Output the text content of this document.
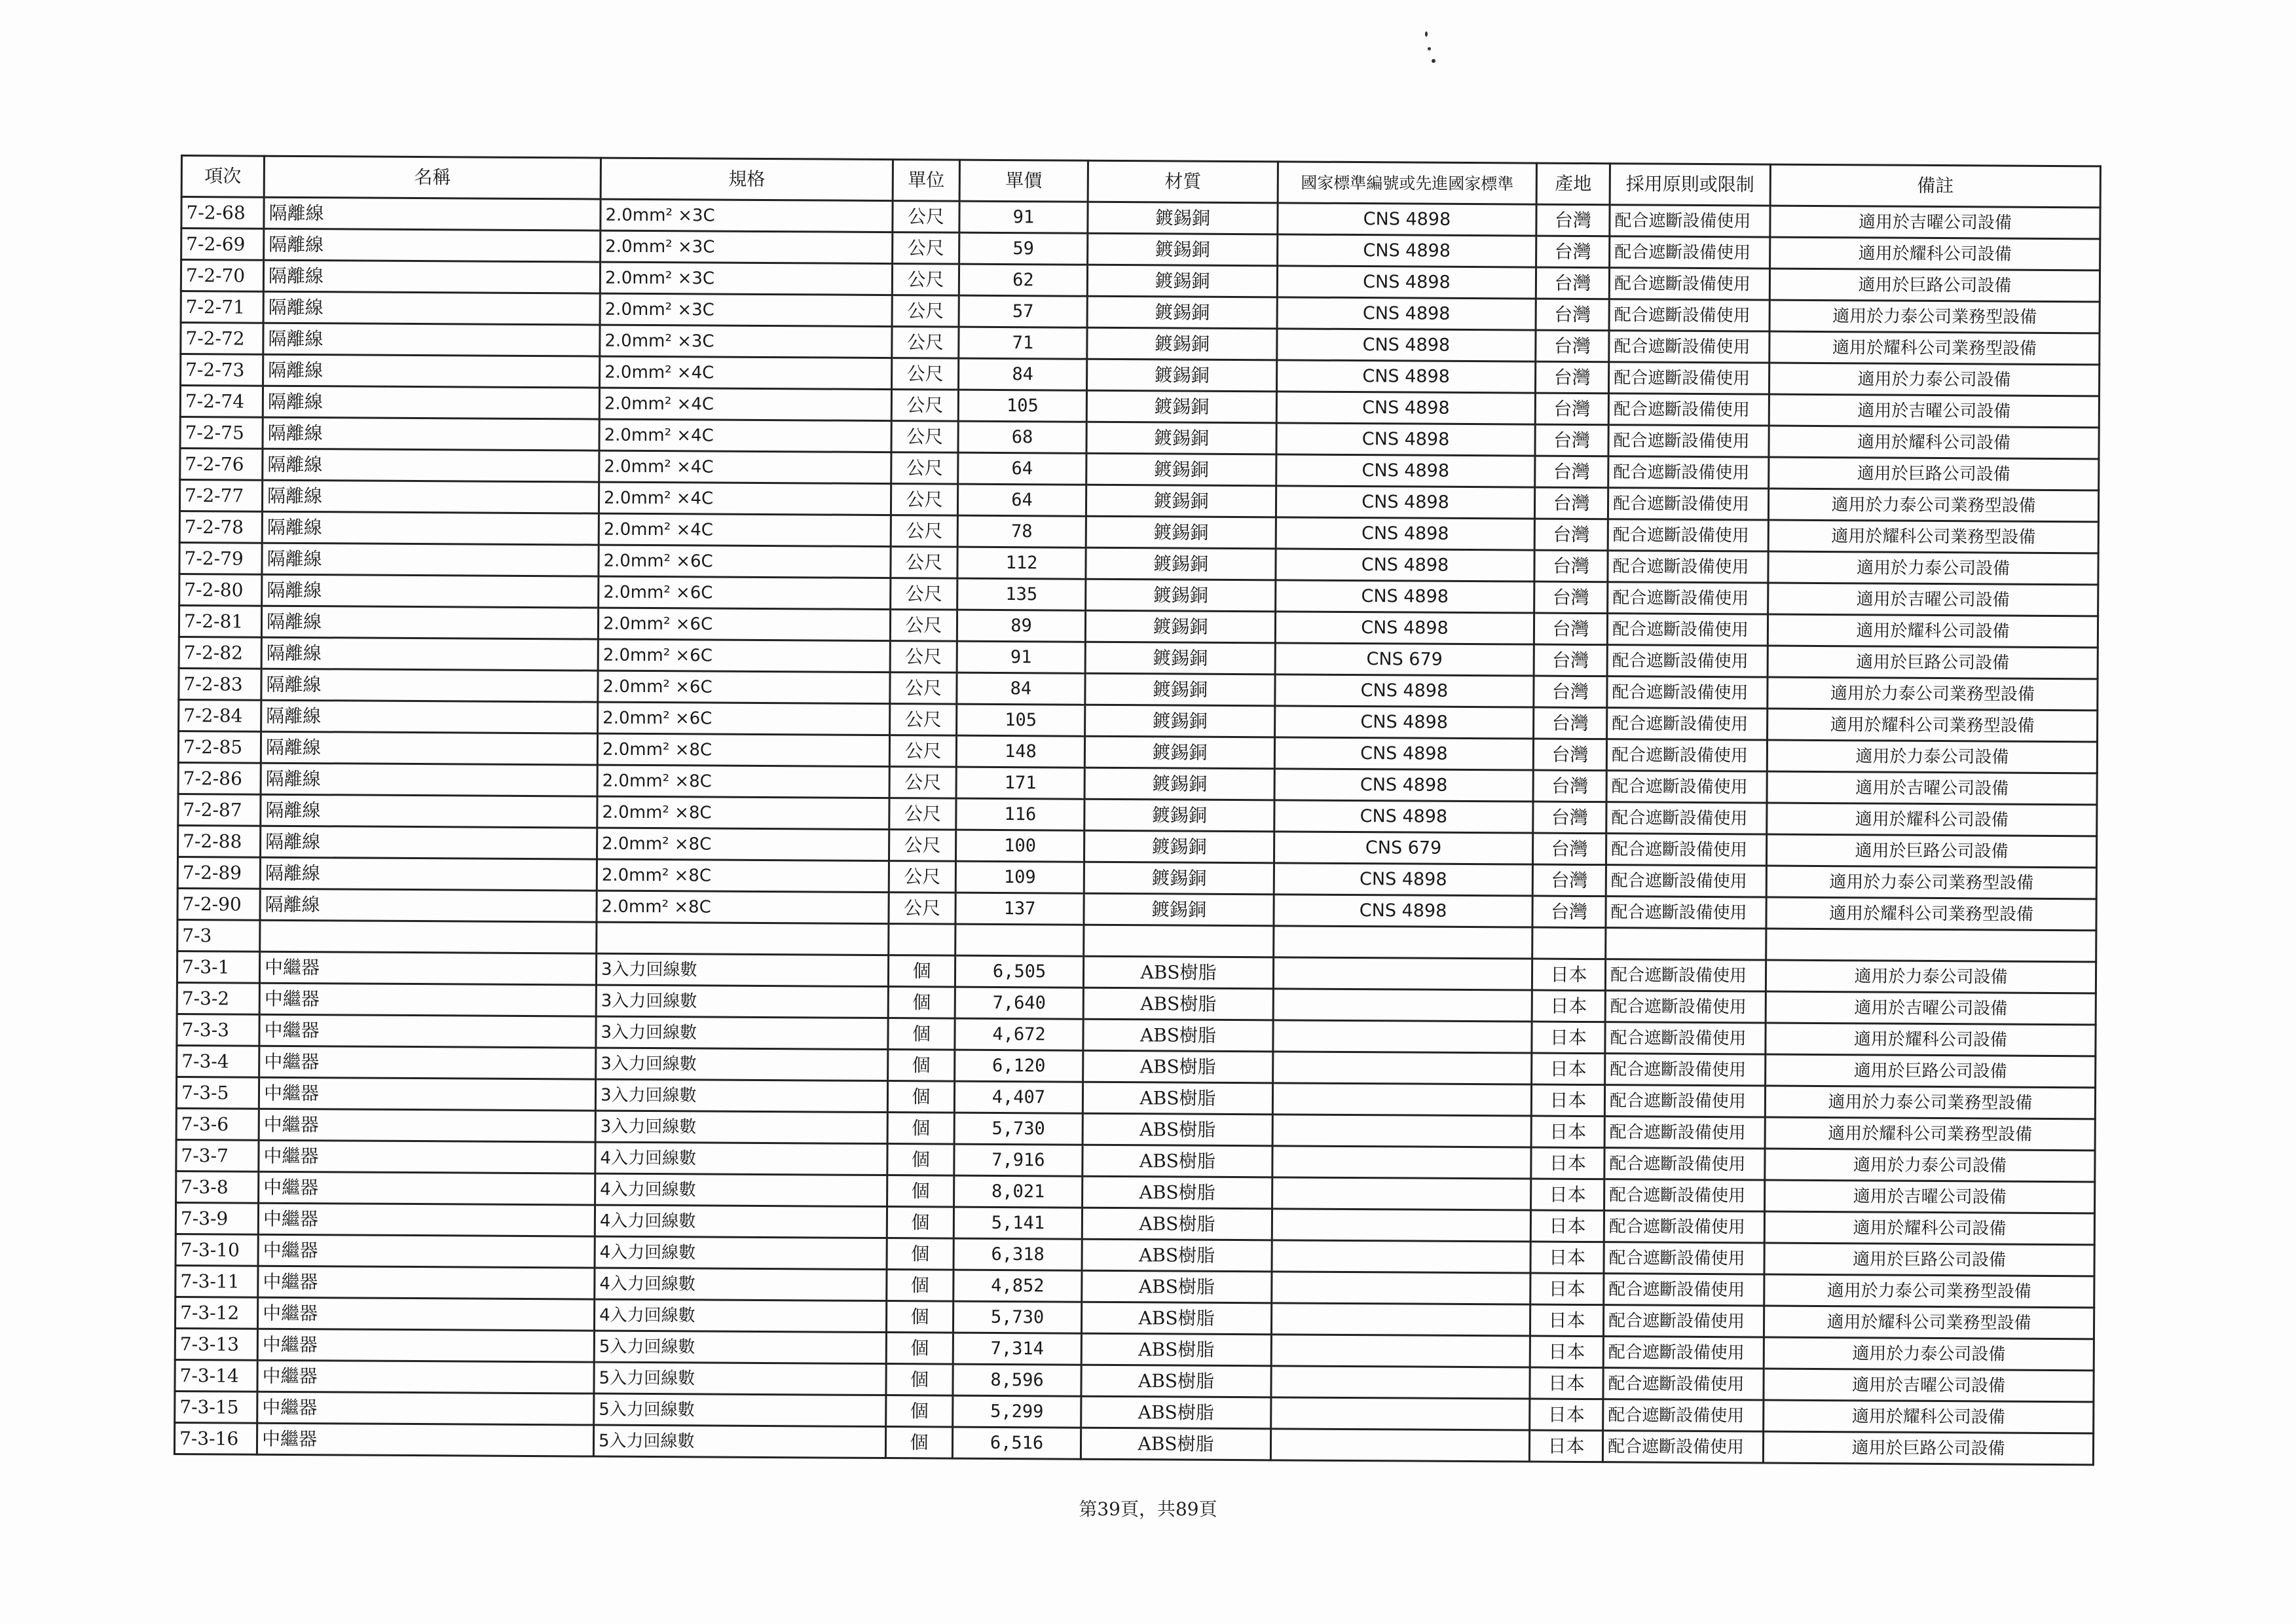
項次	名稱	規格	單位	單價	材質	國家標準編號或先進國家標準	產地	採用原則或限制	備註
7-2-68	隔離線	2.0mm² ×3C	公尺	91	鍍錫銅	CNS 4898	台灣	配合遮斷設備使用	適用於吉曜公司設備
7-2-69	隔離線	2.0mm² ×3C	公尺	59	鍍錫銅	CNS 4898	台灣	配合遮斷設備使用	適用於耀科公司設備
7-2-70	隔離線	2.0mm² ×3C	公尺	62	鍍錫銅	CNS 4898	台灣	配合遮斷設備使用	適用於巨路公司設備
7-2-71	隔離線	2.0mm² ×3C	公尺	57	鍍錫銅	CNS 4898	台灣	配合遮斷設備使用	適用於力泰公司業務型設備
7-2-72	隔離線	2.0mm² ×3C	公尺	71	鍍錫銅	CNS 4898	台灣	配合遮斷設備使用	適用於耀科公司業務型設備
7-2-73	隔離線	2.0mm² ×4C	公尺	84	鍍錫銅	CNS 4898	台灣	配合遮斷設備使用	適用於力泰公司設備
7-2-74	隔離線	2.0mm² ×4C	公尺	105	鍍錫銅	CNS 4898	台灣	配合遮斷設備使用	適用於吉曜公司設備
7-2-75	隔離線	2.0mm² ×4C	公尺	68	鍍錫銅	CNS 4898	台灣	配合遮斷設備使用	適用於耀科公司設備
7-2-76	隔離線	2.0mm² ×4C	公尺	64	鍍錫銅	CNS 4898	台灣	配合遮斷設備使用	適用於巨路公司設備
7-2-77	隔離線	2.0mm² ×4C	公尺	64	鍍錫銅	CNS 4898	台灣	配合遮斷設備使用	適用於力泰公司業務型設備
7-2-78	隔離線	2.0mm² ×4C	公尺	78	鍍錫銅	CNS 4898	台灣	配合遮斷設備使用	適用於耀科公司業務型設備
7-2-79	隔離線	2.0mm² ×6C	公尺	112	鍍錫銅	CNS 4898	台灣	配合遮斷設備使用	適用於力泰公司設備
7-2-80	隔離線	2.0mm² ×6C	公尺	135	鍍錫銅	CNS 4898	台灣	配合遮斷設備使用	適用於吉曜公司設備
7-2-81	隔離線	2.0mm² ×6C	公尺	89	鍍錫銅	CNS 4898	台灣	配合遮斷設備使用	適用於耀科公司設備
7-2-82	隔離線	2.0mm² ×6C	公尺	91	鍍錫銅	CNS 679	台灣	配合遮斷設備使用	適用於巨路公司設備
7-2-83	隔離線	2.0mm² ×6C	公尺	84	鍍錫銅	CNS 4898	台灣	配合遮斷設備使用	適用於力泰公司業務型設備
7-2-84	隔離線	2.0mm² ×6C	公尺	105	鍍錫銅	CNS 4898	台灣	配合遮斷設備使用	適用於耀科公司業務型設備
7-2-85	隔離線	2.0mm² ×8C	公尺	148	鍍錫銅	CNS 4898	台灣	配合遮斷設備使用	適用於力泰公司設備
7-2-86	隔離線	2.0mm² ×8C	公尺	171	鍍錫銅	CNS 4898	台灣	配合遮斷設備使用	適用於吉曜公司設備
7-2-87	隔離線	2.0mm² ×8C	公尺	116	鍍錫銅	CNS 4898	台灣	配合遮斷設備使用	適用於耀科公司設備
7-2-88	隔離線	2.0mm² ×8C	公尺	100	鍍錫銅	CNS 679	台灣	配合遮斷設備使用	適用於巨路公司設備
7-2-89	隔離線	2.0mm² ×8C	公尺	109	鍍錫銅	CNS 4898	台灣	配合遮斷設備使用	適用於力泰公司業務型設備
7-2-90	隔離線	2.0mm² ×8C	公尺	137	鍍錫銅	CNS 4898	台灣	配合遮斷設備使用	適用於耀科公司業務型設備
7-3									
7-3-1	中繼器	3入力回線數	個	6,505	ABS樹脂		日本	配合遮斷設備使用	適用於力泰公司設備
7-3-2	中繼器	3入力回線數	個	7,640	ABS樹脂		日本	配合遮斷設備使用	適用於吉曜公司設備
7-3-3	中繼器	3入力回線數	個	4,672	ABS樹脂		日本	配合遮斷設備使用	適用於耀科公司設備
7-3-4	中繼器	3入力回線數	個	6,120	ABS樹脂		日本	配合遮斷設備使用	適用於巨路公司設備
7-3-5	中繼器	3入力回線數	個	4,407	ABS樹脂		日本	配合遮斷設備使用	適用於力泰公司業務型設備
7-3-6	中繼器	3入力回線數	個	5,730	ABS樹脂		日本	配合遮斷設備使用	適用於耀科公司業務型設備
7-3-7	中繼器	4入力回線數	個	7,916	ABS樹脂		日本	配合遮斷設備使用	適用於力泰公司設備
7-3-8	中繼器	4入力回線數	個	8,021	ABS樹脂		日本	配合遮斷設備使用	適用於吉曜公司設備
7-3-9	中繼器	4入力回線數	個	5,141	ABS樹脂		日本	配合遮斷設備使用	適用於耀科公司設備
7-3-10	中繼器	4入力回線數	個	6,318	ABS樹脂		日本	配合遮斷設備使用	適用於巨路公司設備
7-3-11	中繼器	4入力回線數	個	4,852	ABS樹脂		日本	配合遮斷設備使用	適用於力泰公司業務型設備
7-3-12	中繼器	4入力回線數	個	5,730	ABS樹脂		日本	配合遮斷設備使用	適用於耀科公司業務型設備
7-3-13	中繼器	5入力回線數	個	7,314	ABS樹脂		日本	配合遮斷設備使用	適用於力泰公司設備
7-3-14	中繼器	5入力回線數	個	8,596	ABS樹脂		日本	配合遮斷設備使用	適用於吉曜公司設備
7-3-15	中繼器	5入力回線數	個	5,299	ABS樹脂		日本	配合遮斷設備使用	適用於耀科公司設備
7-3-16	中繼器	5入力回線數	個	6,516	ABS樹脂		日本	配合遮斷設備使用	適用於巨路公司設備
第39頁，共89頁
